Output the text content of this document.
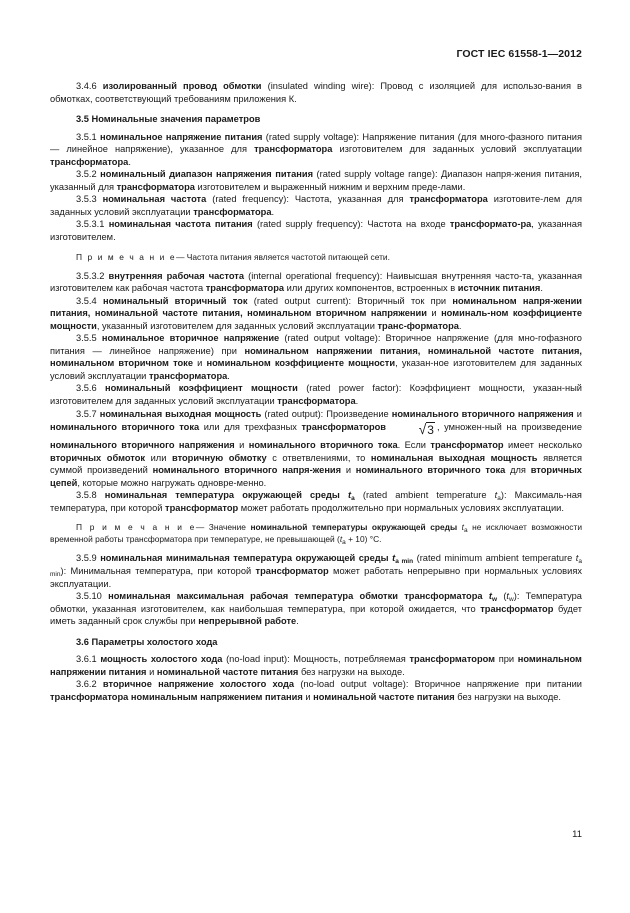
ГОСТ IEC 61558-1—2012

3.4.6 изолированный провод обмотки (insulated winding wire): Провод с изоляцией для использо-вания в обмотках, соответствующий требованиям приложения К.

3.5 Номинальные значения параметров

3.5.1 номинальное напряжение питания (rated supply voltage): Напряжение питания (для много-фазного питания — линейное напряжение), указанное для трансформатора изготовителем для заданных условий эксплуатации трансформатора.

3.5.2 номинальный диапазон напряжения питания (rated supply voltage range): Диапазон напря-жения питания, указанный для трансформатора изготовителем и выраженный нижним и верхним преде-лами.

3.5.3 номинальная частота (rated frequency): Частота, указанная для трансформатора изготовите-лем для заданных условий эксплуатации трансформатора.

3.5.3.1 номинальная частота питания (rated supply frequency): Частота на входе трансформато-ра, указанная изготовителем.

П р и м е ч а н и е— Частота питания является частотой питающей сети.

3.5.3.2 внутренняя рабочая частота (internal operational frequency): Наивысшая внутренняя часто-та, указанная изготовителем как рабочая частота трансформатора или других компонентов, встроенных в источник питания.

3.5.4 номинальный вторичный ток (rated output current): Вторичный ток при номинальном напря-жении питания, номинальной частоте питания, номинальном вторичном напряжении и номиналь-ном коэффициенте мощности, указанный изготовителем для заданных условий эксплуатации транс-форматора.

3.5.5 номинальное вторичное напряжение (rated output voltage): Вторичное напряжение (для мно-гофазного питания — линейное напряжение) при номинальном напряжении питания, номинальной частоте питания, номинальном вторичном токе и номинальном коэффициенте мощности, указан-ное изготовителем для заданных условий эксплуатации трансформатора.

3.5.6 номинальный коэффициент мощности (rated power factor): Коэффициент мощности, указан-ный изготовителем для заданных условий эксплуатации трансформатора.

3.5.7 номинальная выходная мощность (rated output): Произведение номинального вторичного напряжения и номинального вторичного тока или для трехфазных трансформаторов √3 , умножен-ный на произведение номинального вторичного напряжения и номинального вторичного тока. Если трансформатор имеет несколько вторичных обмоток или вторичную обмотку с ответвлениями, то номинальная выходная мощность является суммой произведений номинального вторичного напря-жения и номинального вторичного тока для вторичных цепей, которые можно нагружать одновре-менно.

3.5.8 номинальная температура окружающей среды $t_a$ (rated ambient temperature $t_a$): Максималь-ная температура, при которой трансформатор может работать продолжительно при нормальных условиях эксплуатации.

П р и м е ч а н и е— Значение номинальной температуры окружающей среды $t_a$ не исключает возможности временной работы трансформатора при температуре, не превышающей $(t_a + 10)$ °С.

3.5.9 номинальная минимальная температура окружающей среды $t_{a min}$ (rated minimum ambient temperature $t_{a min}$): Минимальная температура, при которой трансформатор может работать непрерывно при нормальных условиях эксплуатации.

3.5.10 номинальная максимальная рабочая температура обмотки трансформатора $t_w$ $(t_w)$: Температура обмотки, указанная изготовителем, как наибольшая температура, при которой ожидается, что трансформатор будет иметь заданный срок службы при непрерывной работе.

3.6 Параметры холостого хода

3.6.1 мощность холостого хода (no-load input): Мощность, потребляемая трансформатором при номинальном напряжении питания и номинальной частоте питания без нагрузки на выходе.

3.6.2 вторичное напряжение холостого хода (no-load output voltage): Вторичное напряжение при питании трансформатора номинальным напряжением питания и номинальной частоте питания без нагрузки на выходе.

11
